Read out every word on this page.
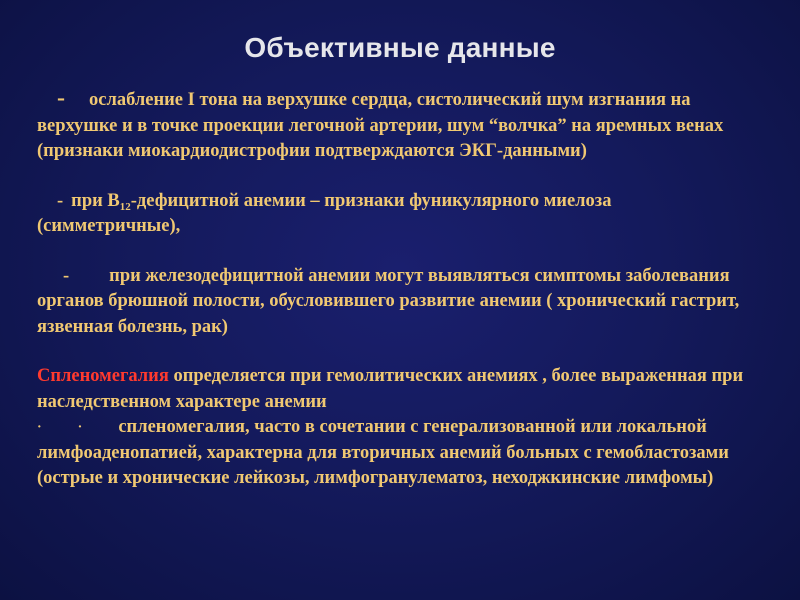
Объективные данные

- ослабление I тона на верхушке сердца, систолический шум изгнания на верхушке и в точке проекции легочной артерии, шум “волчка” на яремных венах (признаки миокардиодистрофии подтверждаются ЭКГ-данными)

- при $B_{12}$-дефицитной анемии – признаки фуникулярного миелоза (симметричные),

- при железодефицитной анемии могут выявляться симптомы заболевания органов брюшной полости, обусловившего развитие анемии ( хронический гастрит, язвенная болезнь, рак)

Спленомегалия определяется при гемолитических анемиях , более выраженная при наследственном характере анемии

·	· спленомегалия, часто в сочетании с генерализованной или локальной лимфоаденопатией, характерна для вторичных анемий больных с гемобластозами (острые и хронические лейкозы, лимфогранулематоз, неходжкинские лимфомы)
